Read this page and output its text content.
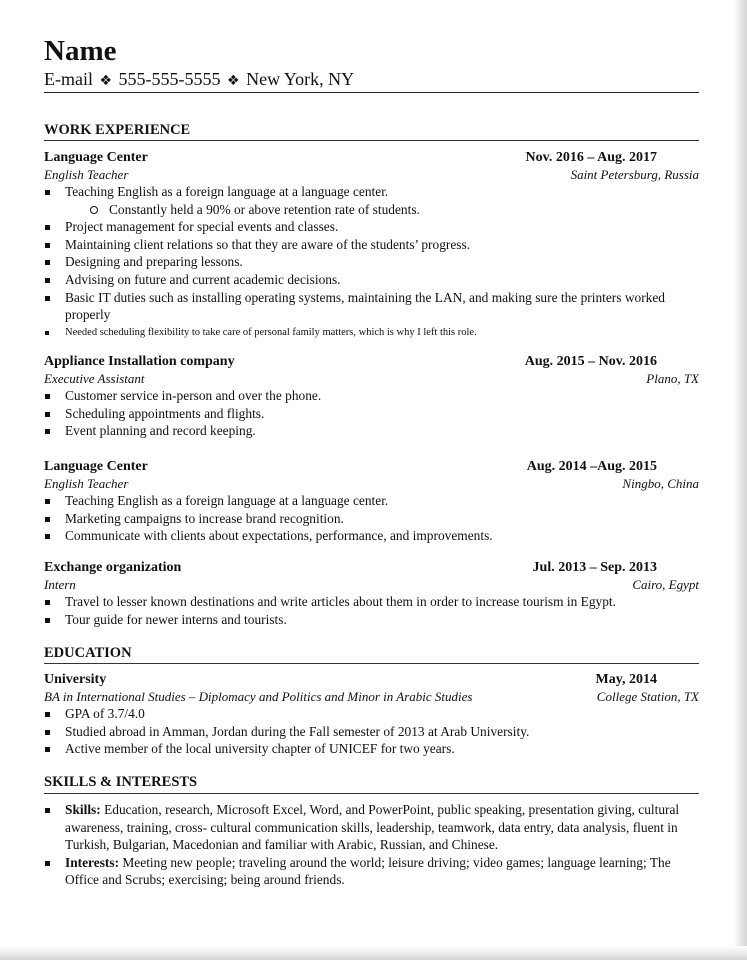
Name
E-mail ❖ 555-555-5555 ❖ New York, NY
WORK EXPERIENCE
Language Center	Nov. 2016 – Aug. 2017
English Teacher	Saint Petersburg, Russia
Teaching English as a foreign language at a language center.
Constantly held a 90% or above retention rate of students.
Project management for special events and classes.
Maintaining client relations so that they are aware of the students’ progress.
Designing and preparing lessons.
Advising on future and current academic decisions.
Basic IT duties such as installing operating systems, maintaining the LAN, and making sure the printers worked properly
Needed scheduling flexibility to take care of personal family matters, which is why I left this role.
Appliance Installation company	Aug. 2015 – Nov. 2016
Executive Assistant	Plano, TX
Customer service in-person and over the phone.
Scheduling appointments and flights.
Event planning and record keeping.
Language Center	Aug. 2014 –Aug. 2015
English Teacher	Ningbo, China
Teaching English as a foreign language at a language center.
Marketing campaigns to increase brand recognition.
Communicate with clients about expectations, performance, and improvements.
Exchange organization	Jul. 2013 – Sep. 2013
Intern	Cairo, Egypt
Travel to lesser known destinations and write articles about them in order to increase tourism in Egypt.
Tour guide for newer interns and tourists.
EDUCATION
University	May, 2014
BA in International Studies – Diplomacy and Politics and Minor in Arabic Studies	College Station, TX
GPA of 3.7/4.0
Studied abroad in Amman, Jordan during the Fall semester of 2013 at Arab University.
Active member of the local university chapter of UNICEF for two years.
SKILLS & INTERESTS
Skills: Education, research, Microsoft Excel, Word, and PowerPoint, public speaking, presentation giving, cultural awareness, training, cross- cultural communication skills, leadership, teamwork, data entry, data analysis, fluent in Turkish, Bulgarian, Macedonian and familiar with Arabic, Russian, and Chinese.
Interests: Meeting new people; traveling around the world; leisure driving; video games; language learning; The Office and Scrubs; exercising; being around friends.
